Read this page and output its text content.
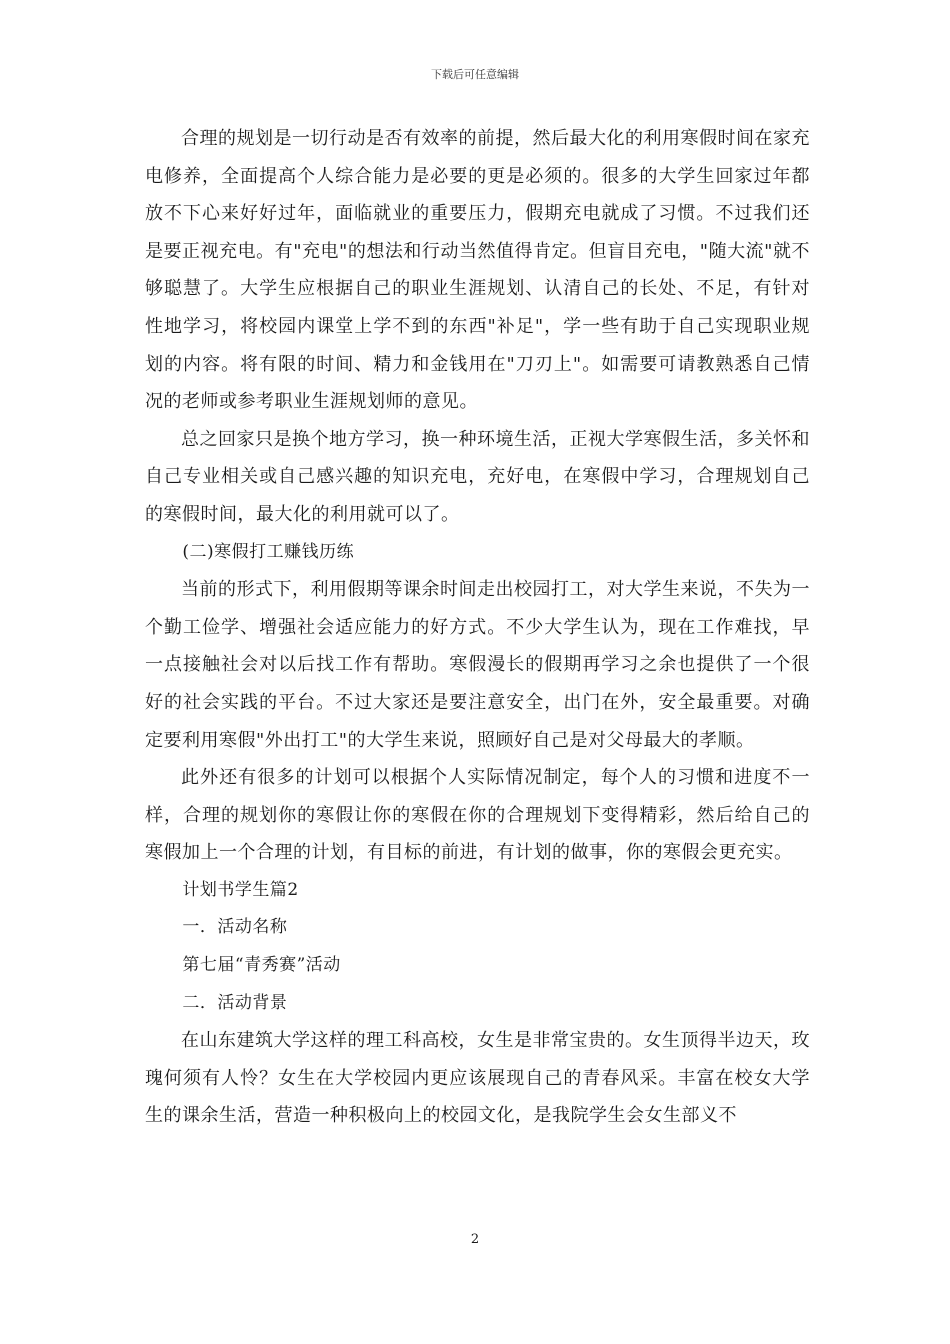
下载后可任意编辑

合理的规划是一切行动是否有效率的前提，然后最大化的利用寒假时间在家充电修养，全面提高个人综合能力是必要的更是必须的。很多的大学生回家过年都放不下心来好好过年，面临就业的重要压力，假期充电就成了习惯。不过我们还是要正视充电。有"充电"的想法和行动当然值得肯定。但盲目充电，"随大流"就不够聪慧了。大学生应根据自己的职业生涯规划、认清自己的长处、不足，有针对性地学习，将校园内课堂上学不到的东西"补足"，学一些有助于自己实现职业规划的内容。将有限的时间、精力和金钱用在"刀刃上"。如需要可请教熟悉自己情况的老师或参考职业生涯规划师的意见。

总之回家只是换个地方学习，换一种环境生活，正视大学寒假生活，多关怀和自己专业相关或自己感兴趣的知识充电，充好电，在寒假中学习，合理规划自己的寒假时间，最大化的利用就可以了。

(二)寒假打工赚钱历练

当前的形式下，利用假期等课余时间走出校园打工，对大学生来说，不失为一个勤工俭学、增强社会适应能力的好方式。不少大学生认为，现在工作难找，早一点接触社会对以后找工作有帮助。寒假漫长的假期再学习之余也提供了一个很好的社会实践的平台。不过大家还是要注意安全，出门在外，安全最重要。对确定要利用寒假"外出打工"的大学生来说，照顾好自己是对父母最大的孝顺。

此外还有很多的计划可以根据个人实际情况制定，每个人的习惯和进度不一样，合理的规划你的寒假让你的寒假在你的合理规划下变得精彩，然后给自己的寒假加上一个合理的计划，有目标的前进，有计划的做事，你的寒假会更充实。

计划书学生篇2

一．活动名称

第七届“青秀赛”活动

二．活动背景

在山东建筑大学这样的理工科高校，女生是非常宝贵的。女生顶得半边天，玫瑰何须有人怜？女生在大学校园内更应该展现自己的青春风采。丰富在校女大学生的课余生活，营造一种积极向上的校园文化，是我院学生会女生部义不

2
